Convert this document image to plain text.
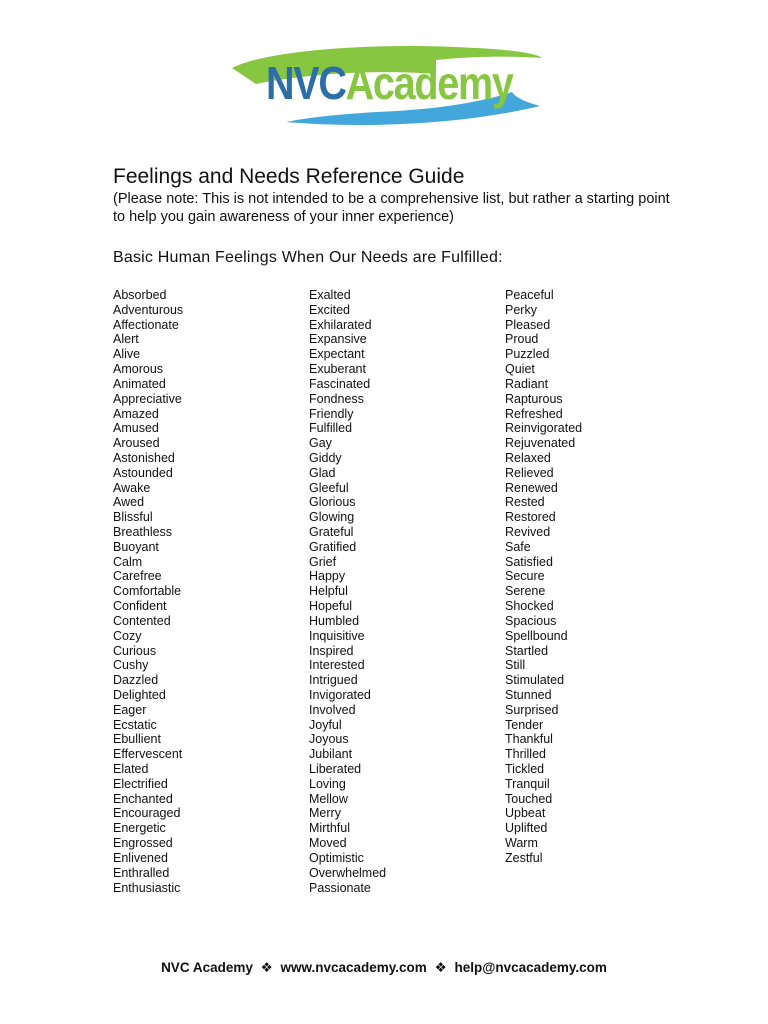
NVCAcademy
Feelings and Needs Reference Guide

(Please note: This is not intended to be a comprehensive list, but rather a starting point to help you gain awareness of your inner experience)

Basic Human Feelings When Our Needs are Fulfilled:
Absorbed
Adventurous
Affectionate
Alert
Alive
Amorous
Animated
Appreciative
Amazed
Amused
Aroused
Astonished
Astounded
Awake
Awed
Blissful
Breathless
Buoyant
Calm
Carefree
Comfortable
Confident
Contented
Cozy
Curious
Cushy
Dazzled
Delighted
Eager
Ecstatic
Ebullient
Effervescent
Elated
Electrified
Enchanted
Encouraged
Energetic
Engrossed
Enlivened
Enthralled
Enthusiastic
Exalted
Excited
Exhilarated
Expansive
Expectant
Exuberant
Fascinated
Fondness
Friendly
Fulfilled
Gay
Giddy
Glad
Gleeful
Glorious
Glowing
Grateful
Gratified
Grief
Happy
Helpful
Hopeful
Humbled
Inquisitive
Inspired
Interested
Intrigued
Invigorated
Involved
Joyful
Joyous
Jubilant
Liberated
Loving
Mellow
Merry
Mirthful
Moved
Optimistic
Overwhelmed
Passionate
Peaceful
Perky
Pleased
Proud
Puzzled
Quiet
Radiant
Rapturous
Refreshed
Reinvigorated
Rejuvenated
Relaxed
Relieved
Renewed
Rested
Restored
Revived
Safe
Satisfied
Secure
Serene
Shocked
Spacious
Spellbound
Startled
Still
Stimulated
Stunned
Surprised
Tender
Thankful
Thrilled
Tickled
Tranquil
Touched
Upbeat
Uplifted
Warm
Zestful
NVC Academy ❖ www.nvcacademy.com ❖ help@nvcacademy.com
